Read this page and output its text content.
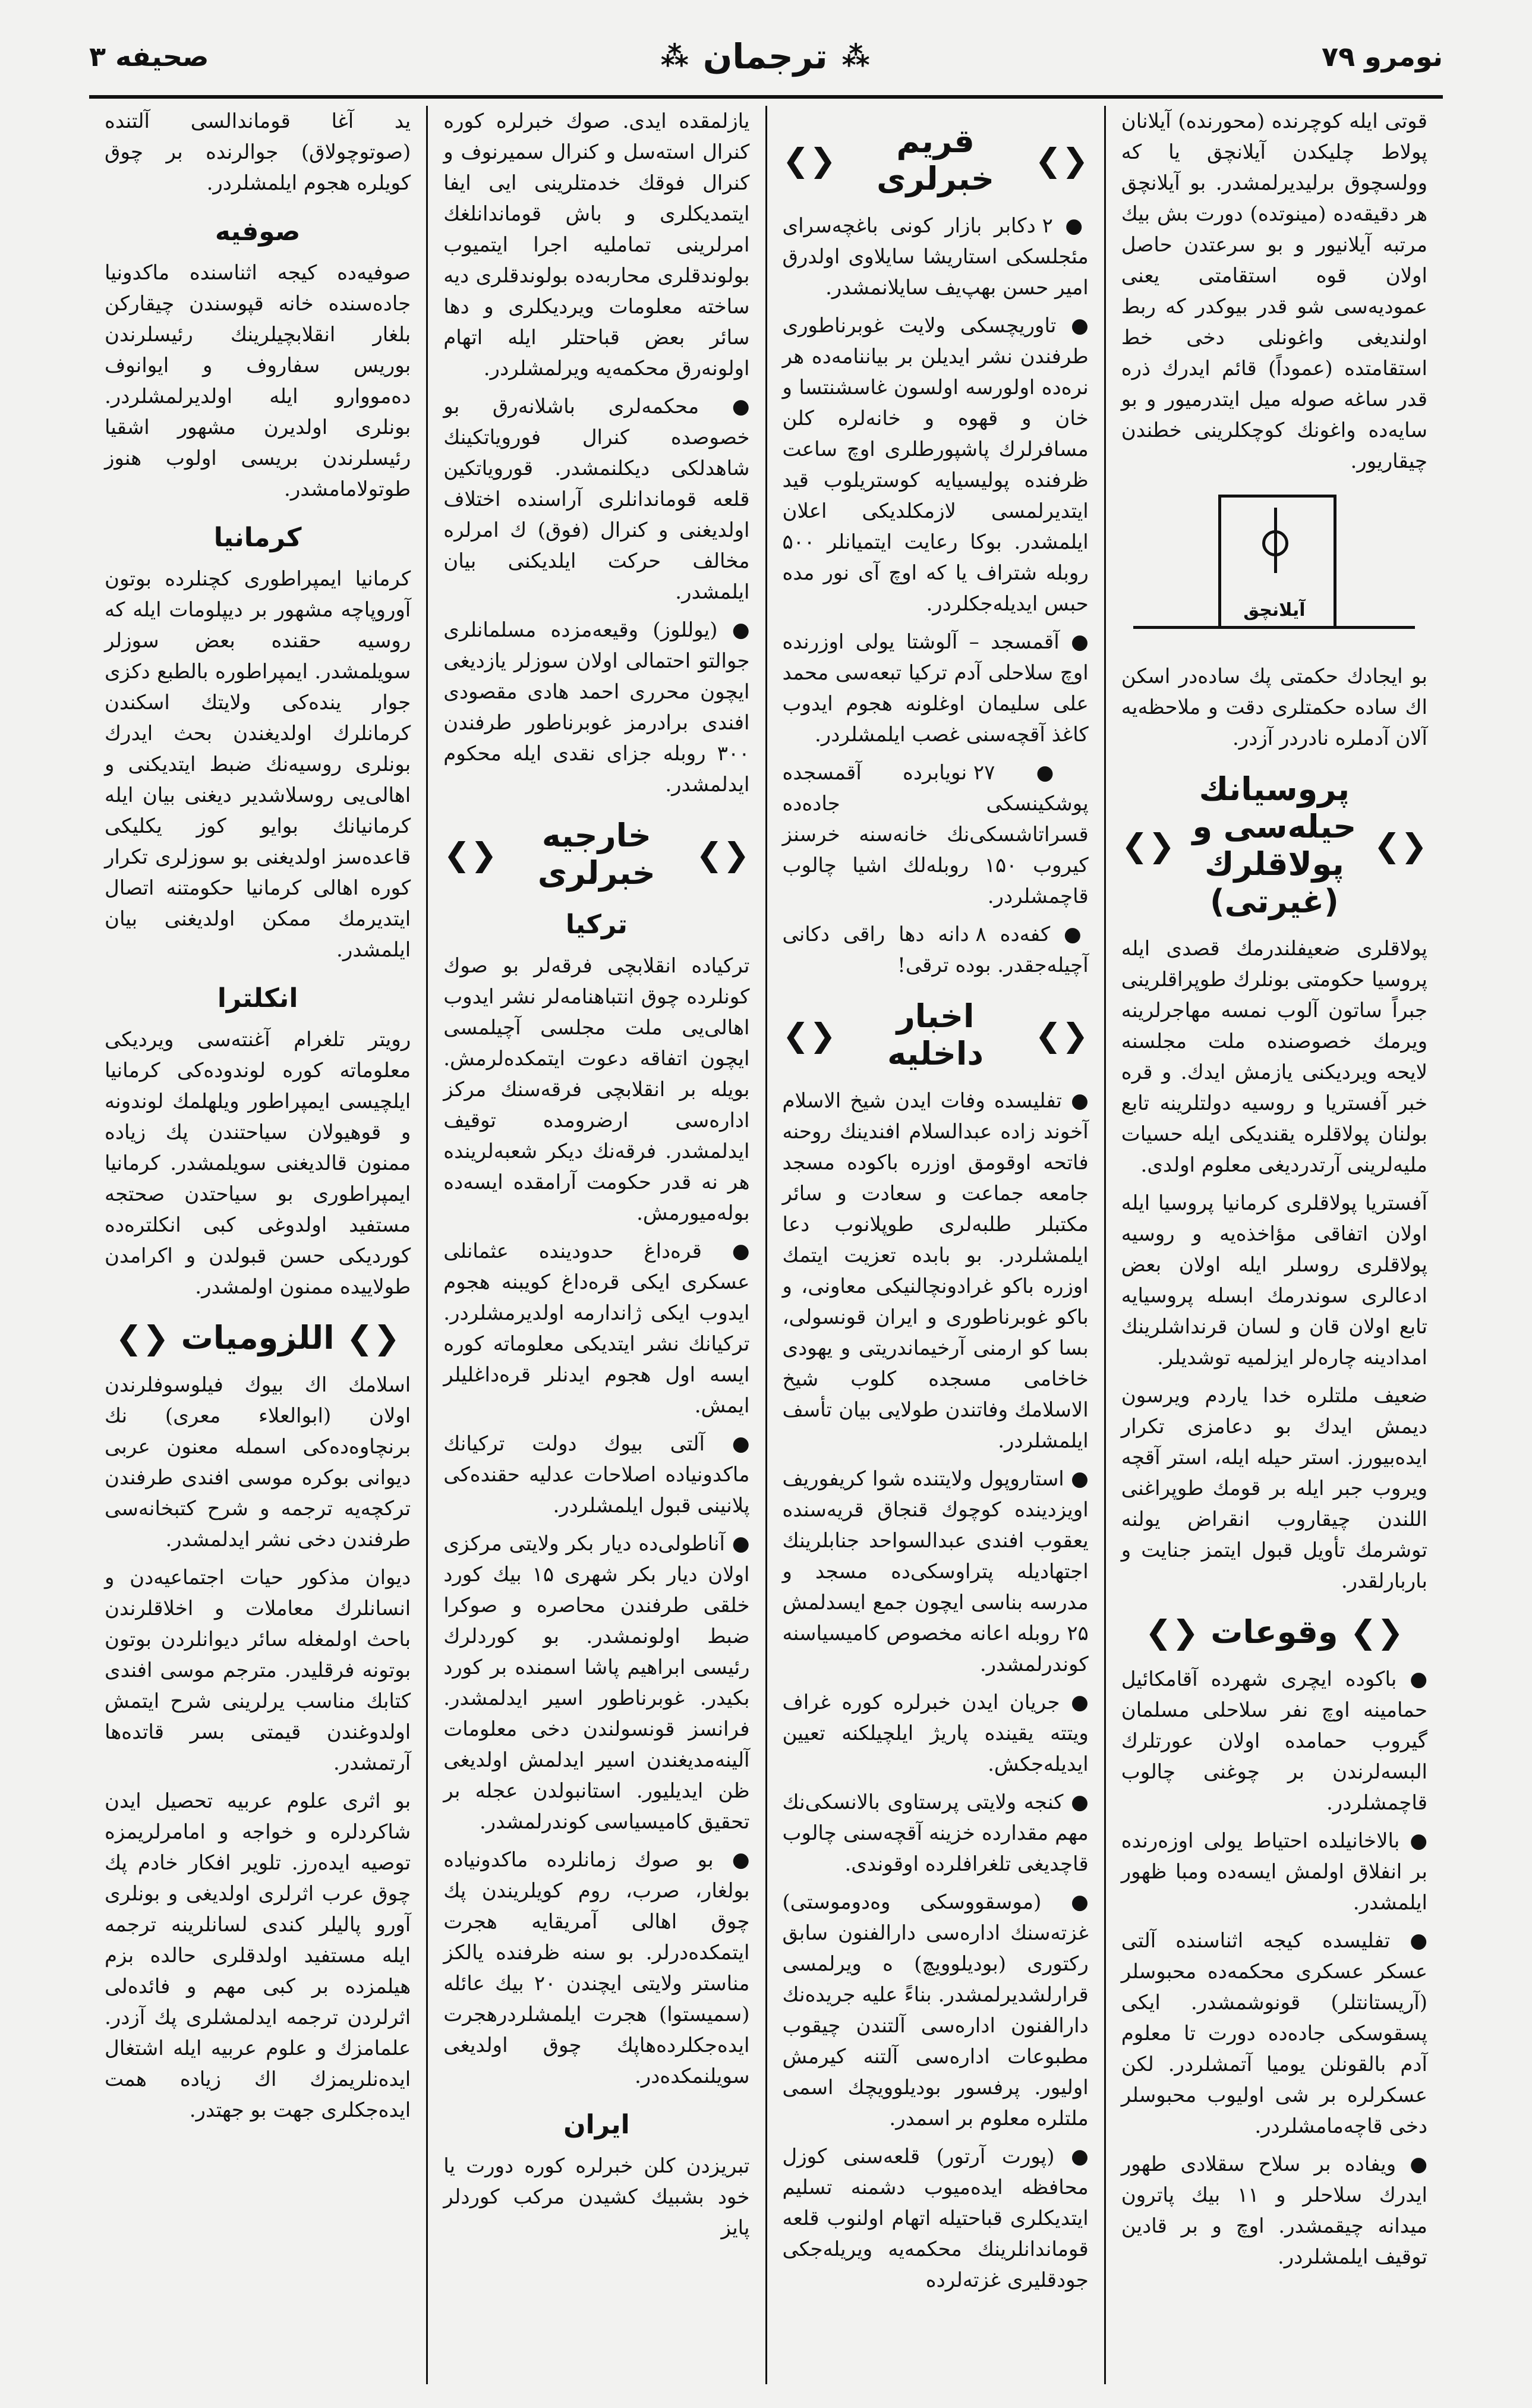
نومرو ۷۹
⁂
ترجمان
⁂
صحیفه ۳

قوتی ایله کوچرنده (محورنده) آیلانان پولاط چلیکدن آیلانچق یا که وولسچوق برلیدیرلمشدر. بو آیلانچق هر دقیقه‌ده (مینوتده) دورت بش بیك مرتبه آیلانیور و بو سرعتدن حاصل اولان قوه استقامتی یعنی عمودیه‌سی شو قدر بیوکدر که ربط اولندیغی واغونلی دخی خط استقامتده (عموداً) قائم ایدرك ذره قدر ساغه صوله میل ایتدرمیور و بو سایه‌ده واغونك کوچکلرینی خطندن چیقاریور.

آیلانچق

بو ایجادك حکمتی پك ساده‌در اسکن اك ساده حکمتلری دقت و ملاحظه‌یه آلان آدملره نادردر آزدر.

❮❯
پروسیانك حیله‌سی و پولاقلرك (غیرتی)
❮❯

پولاقلری ضعیفلندرمك قصدی ایله پروسیا حکومتی بونلرك طوپراقلرینی جبراً ساتون آلوب نمسه مهاجرلرینه ویرمك خصوصنده ملت مجلسنه لایحه ویردیکنی یازمش ایدك. و قره خبر آفستریا و روسیه دولتلرینه تابع بولنان پولاقلره یقندیکی ایله حسیات ملیه‌لرینی آرتدردیغی معلوم اولدی.

آفستریا پولاقلری کرمانیا پروسیا ایله اولان اتفاقی مؤاخذه‌یه و روسیه پولاقلری روسلر ایله اولان بعض ادعالری سوندرمك ابسله پروسیایه تابع اولان قان و لسان قرنداشلرینك امدادینه چاره‌لر ایزلمیه توشدیلر.

ضعیف ملتلره خدا یاردم ویرسون دیمش ایدك بو دعامزی تکرار ایده‌بیورز. استر حیله ایله، استر آقچه ویروب جبر ایله بر قومك طوپراغنی اللندن چیقاروب انقراض یولنه توشرمك تأویل قبول ایتمز جنایت و باربارلقدر.

❮❯
وقوعات
❮❯

● باکوده ایچری شهرده آقامکائیل حمامینه اوچ نفر سلاحلی مسلمان گیروب حمامده اولان عورتلرك البسه‌لرندن بر چوغنی چالوب قاچمشلردر.

● بالاخانیلده احتیاط یولی اوزه‌رنده بر انفلاق اولمش ایسه‌ده ومبا ظهور ایلمشدر.

● تفلیسده کیجه اثناسنده آلتی عسکر عسکری محکمه‌ده محبوسلر (آریستانتلر) قونوشمشدر. ایکی پسقوسکی جاده‌ده دورت تا معلوم آدم بالقونلن یومیا آتمشلردر. لکن عسکرلره بر شی اولیوب محبوسلر دخی قاچه‌مامشلردر.

● ویفاده بر سلاح سقلادی طهور ایدرك سلاحلر و ۱۱ بیك پاترون میدانه چیقمشدر. اوچ و بر قادین توقیف ایلمشلردر.

❮❯
قریم خبرلری
❮❯

● ۲ دکابر بازار کونی باغچه‌سرای مئجلسکی استاریشا سایلاوی اولدرق امیر حسن بهپ‌یف سایلانمشدر.

● تاوریچسکی ولایت غوبرناطوری طرفندن نشر ایدیلن بر بیاننامه‌ده هر نره‌ده اولورسه اولسون غاسشنتسا و خان و قهوه و خانه‌لره کلن مسافرلرك پاشپورطلری اوچ ساعت ظرفنده پولیسیایه کوستریلوب قید ایتدیرلمسی لازمکلدیکی اعلان ایلمشدر. بوکا رعایت ایتمیانلر ۵۰۰ روبله شتراف یا که اوچ آی نور مده حبس ایدیله‌جکلردر.

● آقمسجد – آلوشتا یولی اوزرنده اوچ سلاحلی آدم ترکیا تبعه‌سی محمد علی سلیمان اوغلونه هجوم ایدوب کاغذ آقچه‌سنی غصب ایلمشلردر.

● ۲۷ نویابرده آقمسجده پوشکینسکی جاده‌ده قسراتاشسکی‌نك خانه‌سنه خرسنز کیروب ۱۵۰ روبله‌لك اشیا چالوب قاچمشلردر.

● کفه‌ده ۸ دانه دها راقی دکانی آچیله‌جقدر. بوده ترقی!

❮❯
اخبار داخلیه
❮❯

● تفلیسده وفات ایدن شیخ الاسلام آخوند زاده عبدالسلام افندینك روحنه فاتحه اوقومق اوزره باکوده مسجد جامعه جماعت و سعادت و سائر مکتبلر طلبه‌لری طوپلانوب دعا ایلمشلردر. بو بابده تعزیت ایتمك اوزره باکو غرادونچالنیکی معاونی، و باکو غوبرناطوری و ایران قونسولی، بسا کو ارمنی آرخیماندریتی و یهودی خاخامی مسجده کلوب شیخ الاسلامك وفاتندن طولایی بیان تأسف ایلمشلردر.

● استاروپول ولایتنده شوا کریفوریف اویزدینده کوچوك قنجاق قریه‌سنده یعقوب افندی عبدالسواحد جنابلرینك اجتهادیله پتراوسکی‌ده مسجد و مدرسه بناسی ایچون جمع ایسدلمش ۲۵ روبله اعانه مخصوص کامیسیاسنه کوندرلمشدر.

● جریان ایدن خبرلره کوره غراف ویتته یقینده پاریژ ایلچیلکنه تعیین ایدیله‌جکش.

● کنجه ولایتی پرستاوی بالانسکی‌نك مهم مقدارده خزینه آقچه‌سنی چالوب قاچدیغی تلغرافلرده اوقوندی.

● (موسقووسکی وه‌دوموستی) غزته‌سنك اداره‌سی دارالفنون سابق رکتوری (بودیلوویچ) ه ویرلمسی قرارلشدیرلمشدر. بناءً علیه جریده‌نك دارالفنون اداره‌سی آلتندن چیقوب مطبوعات اداره‌سی آلتنه کیرمش اولیور. پرفسور بودیلوویچك اسمی ملتلره معلوم بر اسمدر.

● (پورت آرتور) قلعه‌سنی کوزل محافظه ایده‌میوب دشمنه تسلیم ایتدیکلری قباحتیله اتهام اولنوب قلعه قوماندانلرینك محکمه‌یه ویریله‌جکی جودقلیری غزته‌لرده

یازلمقده ایدی. صوك خبرلره کوره کنرال استه‌سل و کنرال سمیرنوف و کنرال فوقك خدمتلرینی ایی ایفا ایتمدیکلری و باش قوماندانلغك امرلرینی تماملیه اجرا ایتمیوب بولوندقلری محاربه‌ده بولوندقلری دیه ساخته معلومات ویردیکلری و دها سائر بعض قباحتلر ایله اتهام اولونه‌رق محکمه‌یه ویرلمشلردر.

● محکمه‌لری باشلانه‌رق بو خصوصده کنرال فورویاتکینك شاهدلکی دیکلنمشدر. قورویاتکین قلعه قوماندانلری آراسنده اختلاف اولدیغنی و کنرال (فوق) ك امرلره مخالف حرکت ایلدیکنی بیان ایلمشدر.

● (یوللوز) وقیعه‌مزده مسلمانلری جوالتو احتمالی اولان سوزلر یازدیغی ایچون محرری احمد هادی مقصودی افندی برادرمز غوبرناطور طرفندن ۳۰۰ روبله جزای نقدی ایله محکوم ایدلمشدر.

❮❯
خارجیه خبرلری
❮❯
ترکیا

ترکیاده انقلابچی فرقه‌لر بو صوك کونلرده چوق انتباهنامه‌لر نشر ایدوب اهالی‌یی ملت مجلسی آچیلمسی ایچون اتفاقه دعوت ایتمکده‌لرمش. بویله بر انقلابچی فرقه‌سنك مرکز اداره‌سی ارضرومده توقیف ایدلمشدر. فرقه‌نك دیکر شعبه‌لرینده هر نه قدر حکومت آرامقده ایسه‌ده بوله‌میورمش.

● قره‌داغ حدودینده عثمانلی عسکری ایکی قره‌داغ کویبنه هجوم ایدوب ایکی ژاندارمه اولدیرمشلردر. ترکیانك نشر ایتدیکی معلوماته کوره ایسه اول هجوم ایدنلر قره‌داغلیلر ایمش.

● آلتی بیوك دولت ترکیانك ماکدونیاده اصلاحات عدلیه حقنده‌کی پلانینی قبول ایلمشلردر.

● آناطولی‌ده دیار بکر ولایتی مرکزی اولان دیار بکر شهری ۱۵ بیك کورد خلقی طرفندن محاصره و صوکرا ضبط اولونمشدر. بو کوردلرك رئیسی ابراهیم پاشا اسمنده بر کورد بکیدر. غوبرناطور اسیر ایدلمشدر. فرانسز قونسولندن دخی معلومات آلینه‌مدیغندن اسیر ایدلمش اولدیغی ظن ایدیلیور. استانبولدن عجله بر تحقیق کامیسیاسی کوندرلمشدر.

● بو صوك زمانلرده ماکدونیاده بولغار، صرب، روم کویلریندن پك چوق اهالی آمریقایه هجرت ایتمکده‌درلر. بو سنه ظرفنده یالکز مناستر ولایتی ایچندن ۲۰ بیك عائله (سمیستوا) هجرت ایلمشلردرهجرت ایده‌جکلرده‌هاپك چوق اولدیغی سویلنمکده‌در.

ایران

تبریزدن کلن خبرلره کوره دورت یا خود بشبیك کشیدن مرکب کوردلر پایز

ید آغا قوماندالسی آلتنده (صوتوچولاق) جوالرنده بر چوق کویلره هجوم ایلمشلردر.

صوفیه

صوفیه‌ده کیجه اثناسنده ماکدونیا جاده‌سنده خانه قپوسندن چیقارکن بلغار انقلابچیلرینك رئیسلرندن بوریس سفاروف و ایوانوف ده‌مووارو ایله اولدیرلمشلردر. بونلری اولدیرن مشهور اشقیا رئیسلرندن بریسی اولوب هنوز طوتولامامشدر.

کرمانیا

کرمانیا ایمپراطوری کچنلرده بوتون آوروپاچه مشهور بر دیپلومات ایله که روسیه حقنده بعض سوزلر سویلمشدر. ایمپراطوره بالطبع دکزی جوار ینده‌کی ولایتك اسکندن کرمانلرك اولدیغندن بحث ایدرك بونلری روسیه‌نك ضبط ایتدیکنی و اهالی‌یی روسلاشدیر دیغنی بیان ایله کرمانیانك بوایو کوز یکلیکی قاعده‌سز اولدیغنی بو سوزلری تکرار کوره اهالی کرمانیا حکومتنه اتصال ایتدیرمك ممکن اولدیغنی بیان ایلمشدر.

انکلترا

رویتر تلغرام آغنته‌سی ویردیکی معلوماته کوره لوندوده‌کی کرمانیا ایلچیسی ایمپراطور ویلهلمك لوندونه و قوهیولان سیاحتندن پك زیاده ممنون قالدیغنی سویلمشدر. کرمانیا ایمپراطوری بو سیاحتدن صحتجه مستفید اولدوغی کبی انکلتره‌ده کوردیکی حسن قبولدن و اکرامدن طولاییده ممنون اولمشدر.

❮❯
اللزومیات
❮❯

اسلامك اك بیوك فیلوسوفلرندن اولان (ابوالعلاء معری) نك برنچاوه‌ده‌کی اسمله معنون عربی دیوانی بوکره موسی افندی طرفندن ترکچه‌یه ترجمه و شرح کتبخانه‌سی طرفندن دخی نشر ایدلمشدر.

دیوان مذکور حیات اجتماعیه‌دن و انسانلرك معاملات و اخلاقلرندن باحث اولمغله سائر دیوانلردن بوتون بوتونه فرقلیدر. مترجم موسی افندی کتابك مناسب یرلرینی شرح ایتمش اولدوغندن قیمتی بسر قاتده‌ها آرتمشدر.

بو اثری علوم عربیه تحصیل ایدن شاکردلره و خواجه و امامرلریمزه توصیه ایده‌رز. تلویر افکار خادم پك چوق عرب اثرلری اولدیغی و بونلری آورو پالیلر کندی لسانلرینه ترجمه ایله مستفید اولدقلری حالده بزم هیلمزده بر کبی مهم و فائده‌لی اثرلردن ترجمه ایدلمشلری پك آزدر. علمامزك و علوم عربیه ایله اشتغال ایده‌نلریمزك اك زیاده همت ایده‌جکلری جهت بو جهتدر.
